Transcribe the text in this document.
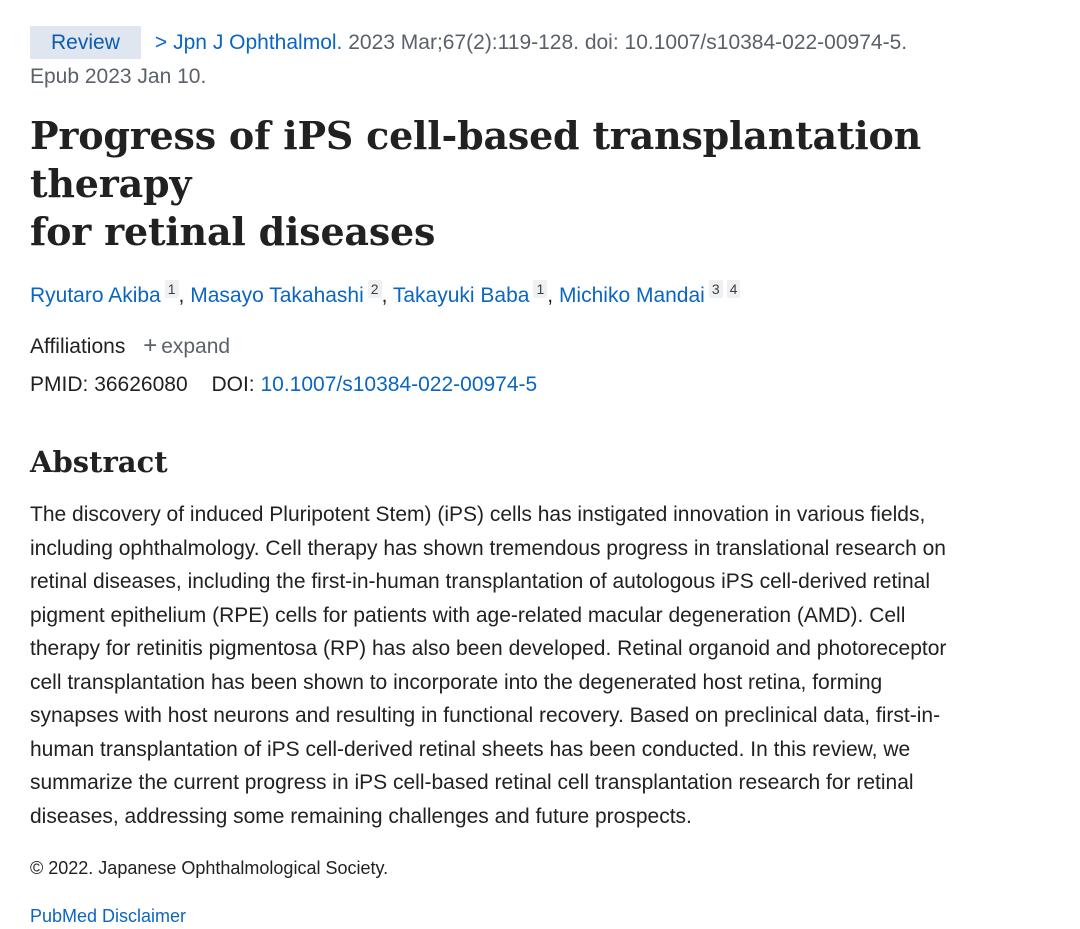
Review > Jpn J Ophthalmol. 2023 Mar;67(2):119-128. doi: 10.1007/s10384-022-00974-5.
Epub 2023 Jan 10.
Progress of iPS cell-based transplantation therapy
for retinal diseases
Ryutaro Akiba 1 , Masayo Takahashi 2 , Takayuki Baba 1 , Michiko Mandai 3 4
Affiliations + expand
PMID: 36626080 DOI: 10.1007/s10384-022-00974-5
Abstract
The discovery of induced Pluripotent Stem) (iPS) cells has instigated innovation in various fields,
including ophthalmology. Cell therapy has shown tremendous progress in translational research on
retinal diseases, including the first-in-human transplantation of autologous iPS cell-derived retinal
pigment epithelium (RPE) cells for patients with age-related macular degeneration (AMD). Cell
therapy for retinitis pigmentosa (RP) has also been developed. Retinal organoid and photoreceptor
cell transplantation has been shown to incorporate into the degenerated host retina, forming
synapses with host neurons and resulting in functional recovery. Based on preclinical data, first-in-
human transplantation of iPS cell-derived retinal sheets has been conducted. In this review, we
summarize the current progress in iPS cell-based retinal cell transplantation research for retinal
diseases, addressing some remaining challenges and future prospects.
© 2022. Japanese Ophthalmological Society.
PubMed Disclaimer
